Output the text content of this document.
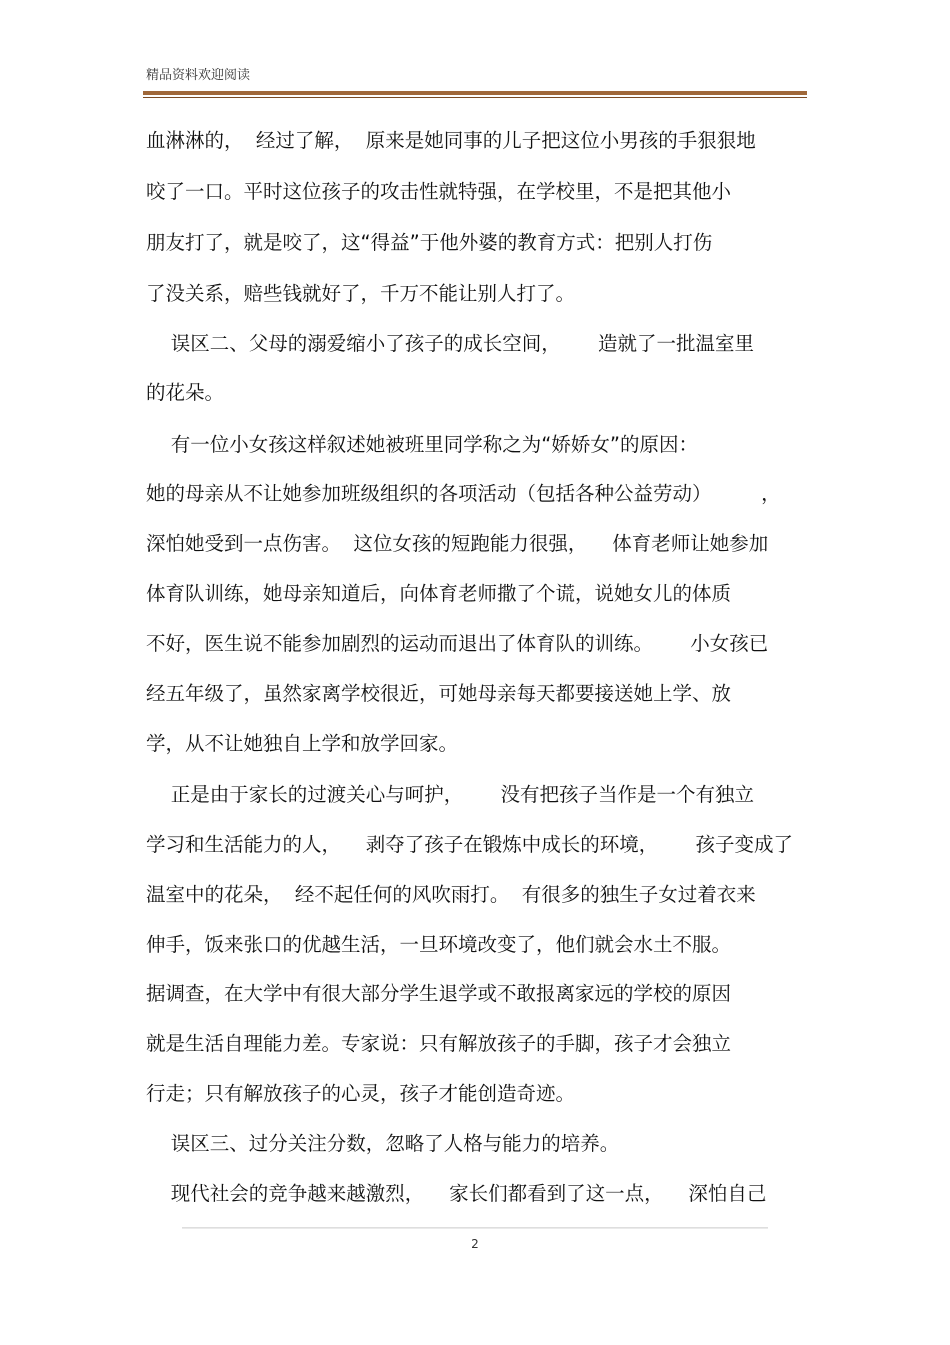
精品资料欢迎阅读
血淋淋的，  经过了解，  原来是她同事的儿子把这位小男孩的手狠狠地
咬了一口。平时这位孩子的攻击性就特强，在学校里，不是把其他小
朋友打了，就是咬了，这“得益”于他外婆的教育方式：把别人打伤
了没关系，赔些钱就好了，千万不能让别人打了。
误区二、父母的溺爱缩小了孩子的成长空间，      造就了一批温室里
的花朵。
有一位小女孩这样叙述她被班里同学称之为“娇娇女”的原因：
她的母亲从不让她参加班级组织的各项活动（包括各种公益劳动）        ，
深怕她受到一点伤害。  这位女孩的短跑能力很强，    体育老师让她参加
体育队训练，她母亲知道后，向体育老师撒了个谎，说她女儿的体质
不好，医生说不能参加剧烈的运动而退出了体育队的训练。      小女孩已
经五年级了，虽然家离学校很近，可她母亲每天都要接送她上学、放
学，从不让她独自上学和放学回家。
正是由于家长的过渡关心与呵护，      没有把孩子当作是一个有独立
学习和生活能力的人，    剥夺了孩子在锻炼中成长的环境，      孩子变成了
温室中的花朵，  经不起任何的风吹雨打。  有很多的独生子女过着衣来
伸手，饭来张口的优越生活，一旦环境改变了，他们就会水土不服。
据调查，在大学中有很大部分学生退学或不敢报离家远的学校的原因
就是生活自理能力差。专家说：只有解放孩子的手脚，孩子才会独立
行走；只有解放孩子的心灵，孩子才能创造奇迹。
误区三、过分关注分数，忽略了人格与能力的培养。
现代社会的竞争越来越激烈，    家长们都看到了这一点，    深怕自己
2
